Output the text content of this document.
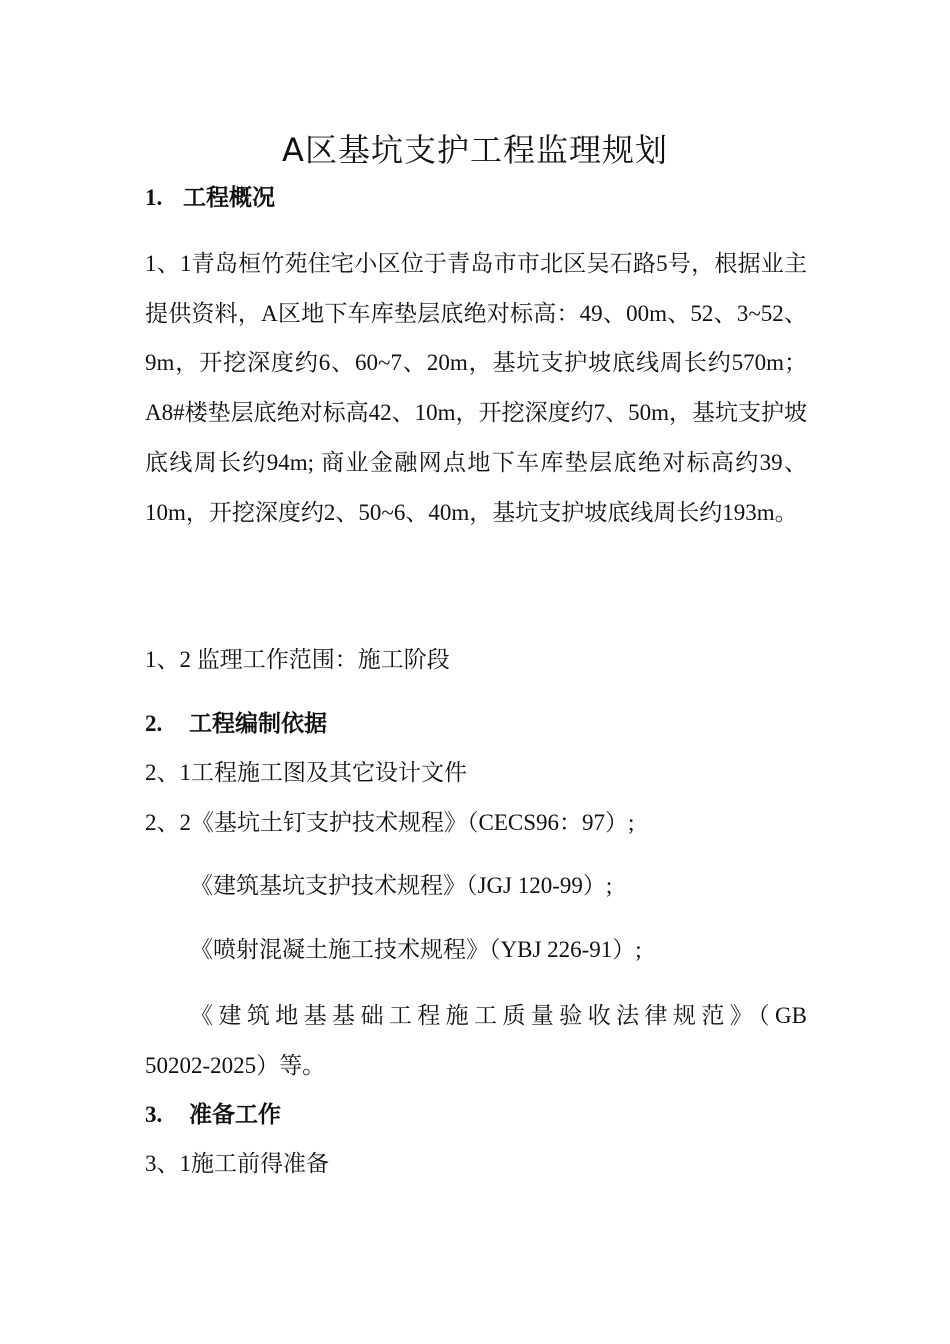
A区基坑支护工程监理规划
1. 工程概况

1、1青岛桓竹苑住宅小区位于青岛市市北区吴石路5号，根据业主提供资料，A区地下车库垫层底绝对标高：49、00m、52、3~52、9m，开挖深度约6、60~7、20m，基坑支护坡底线周长约570m； A8#楼垫层底绝对标高42、10m，开挖深度约7、50m，基坑支护坡底线周长约94m; 商业金融网点地下车库垫层底绝对标高约39、10m，开挖深度约2、50~6、40m，基坑支护坡底线周长约193m。

1、2 监理工作范围：施工阶段
2. 工程编制依据
2、1工程施工图及其它设计文件
2、2《基坑土钉支护技术规程》（CECS96：97）;
《建筑基坑支护技术规程》（JGJ 120-99）;
《喷射混凝土施工技术规程》（YBJ 226-91）;
《建筑地基基础工程施工质量验收法律规范》（GB
50202-2025）等。
3. 准备工作
3、1施工前得准备
